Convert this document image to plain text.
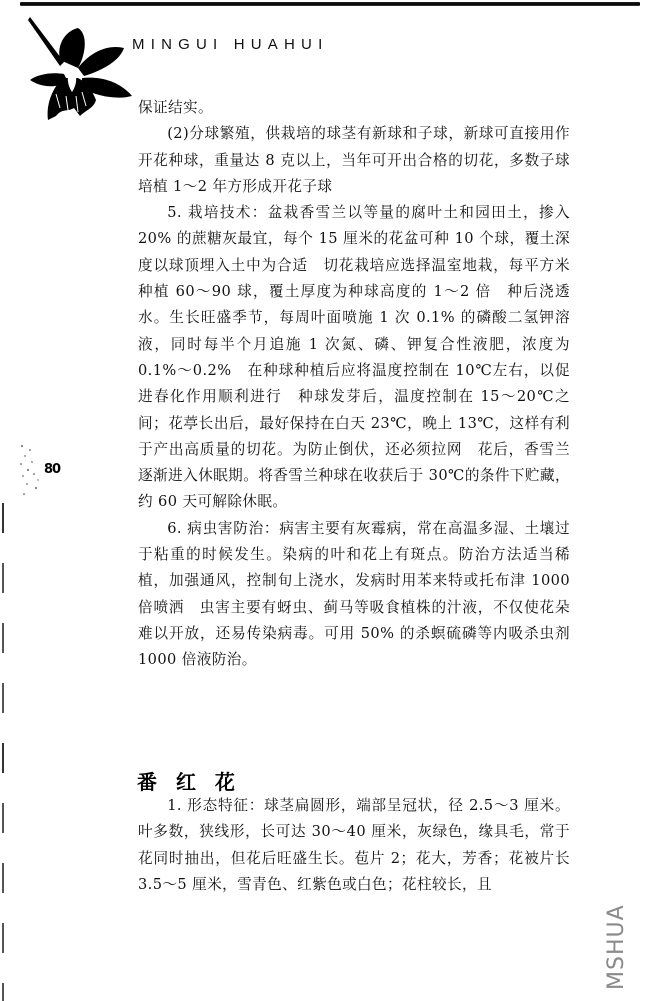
MINGUI HUAHUI

保证结实。

(2)分球繁殖，供栽培的球茎有新球和子球，新球可直接用作开花种球，重量达 8 克以上，当年可开出合格的切花，多数子球培植 1～2 年方形成开花子球

5. 栽培技术：盆栽香雪兰以等量的腐叶土和园田土，掺入 20% 的蔗糖灰最宜，每个 15 厘米的花盆可种 10 个球，覆土深度以球顶埋入土中为合适　切花栽培应选择温室地栽，每平方米种植 60～90 球，覆土厚度为种球高度的 1～2 倍　种后浇透水。生长旺盛季节，每周叶面喷施 1 次 0.1% 的磷酸二氢钾溶液，同时每半个月追施 1 次氮、磷、钾复合性液肥，浓度为 0.1%～0.2%　在种球种植后应将温度控制在 10℃左右，以促进春化作用顺利进行　种球发芽后，温度控制在 15～20℃之间；花葶长出后，最好保持在白天 23℃，晚上 13℃，这样有利于产出高质量的切花。为防止倒伏，还必须拉网　花后，香雪兰逐渐进入休眠期。将香雪兰种球在收获后于 30℃的条件下贮藏，约 60 天可解除休眠。

6. 病虫害防治：病害主要有灰霉病，常在高温多湿、土壤过于粘重的时候发生。染病的叶和花上有斑点。防治方法适当稀植，加强通风，控制旬上浇水，发病时用苯来特或托布津 1000 倍喷洒　虫害主要有蚜虫、蓟马等吸食植株的汁液，不仅使花朵难以开放，还易传染病毒。可用 50% 的杀螟硫磷等内吸杀虫剂 1000 倍液防治。

番 红 花

1. 形态特征：球茎扁圆形，端部呈冠状，径 2.5～3 厘米。叶多数，狭线形，长可达 30～40 厘米，灰绿色，缘具毛，常于花同时抽出，但花后旺盛生长。苞片 2；花大，芳香；花被片长 3.5～5 厘米，雪青色、红紫色或白色；花柱较长，且

80
MSHUA
